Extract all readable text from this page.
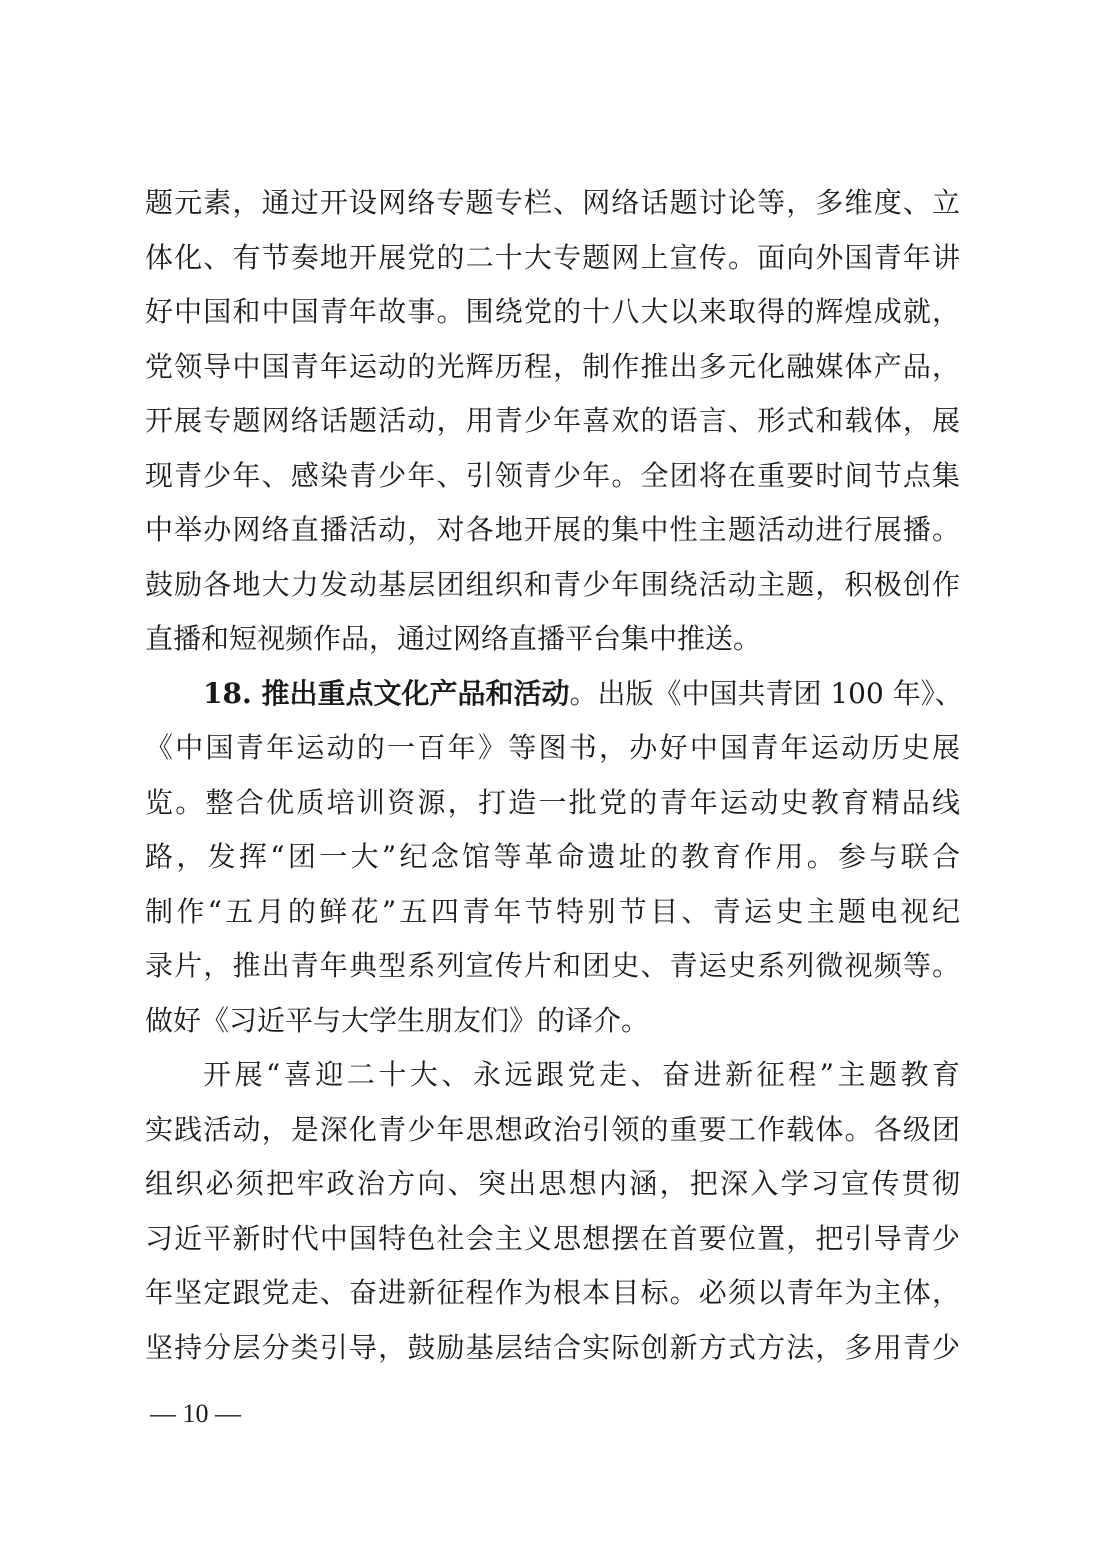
题元素，通过开设网络专题专栏、网络话题讨论等，多维度、立
体化、有节奏地开展党的二十大专题网上宣传。面向外国青年讲
好中国和中国青年故事。围绕党的十八大以来取得的辉煌成就，
党领导中国青年运动的光辉历程，制作推出多元化融媒体产品，
开展专题网络话题活动，用青少年喜欢的语言、形式和载体，展
现青少年、感染青少年、引领青少年。全团将在重要时间节点集
中举办网络直播活动，对各地开展的集中性主题活动进行展播。
鼓励各地大力发动基层团组织和青少年围绕活动主题，积极创作
直播和短视频作品，通过网络直播平台集中推送。
18. 推出重点文化产品和活动。出版《中国共青团 100 年》、
《中国青年运动的一百年》等图书，办好中国青年运动历史展
览。整合优质培训资源，打造一批党的青年运动史教育精品线
路，发挥“团一大”纪念馆等革命遗址的教育作用。参与联合
制作“五月的鲜花”五四青年节特别节目、青运史主题电视纪
录片，推出青年典型系列宣传片和团史、青运史系列微视频等。
做好《习近平与大学生朋友们》的译介。
开展“喜迎二十大、永远跟党走、奋进新征程”主题教育
实践活动，是深化青少年思想政治引领的重要工作载体。各级团
组织必须把牢政治方向、突出思想内涵，把深入学习宣传贯彻
习近平新时代中国特色社会主义思想摆在首要位置，把引导青少
年坚定跟党走、奋进新征程作为根本目标。必须以青年为主体，
坚持分层分类引导，鼓励基层结合实际创新方式方法，多用青少
— 10 —
